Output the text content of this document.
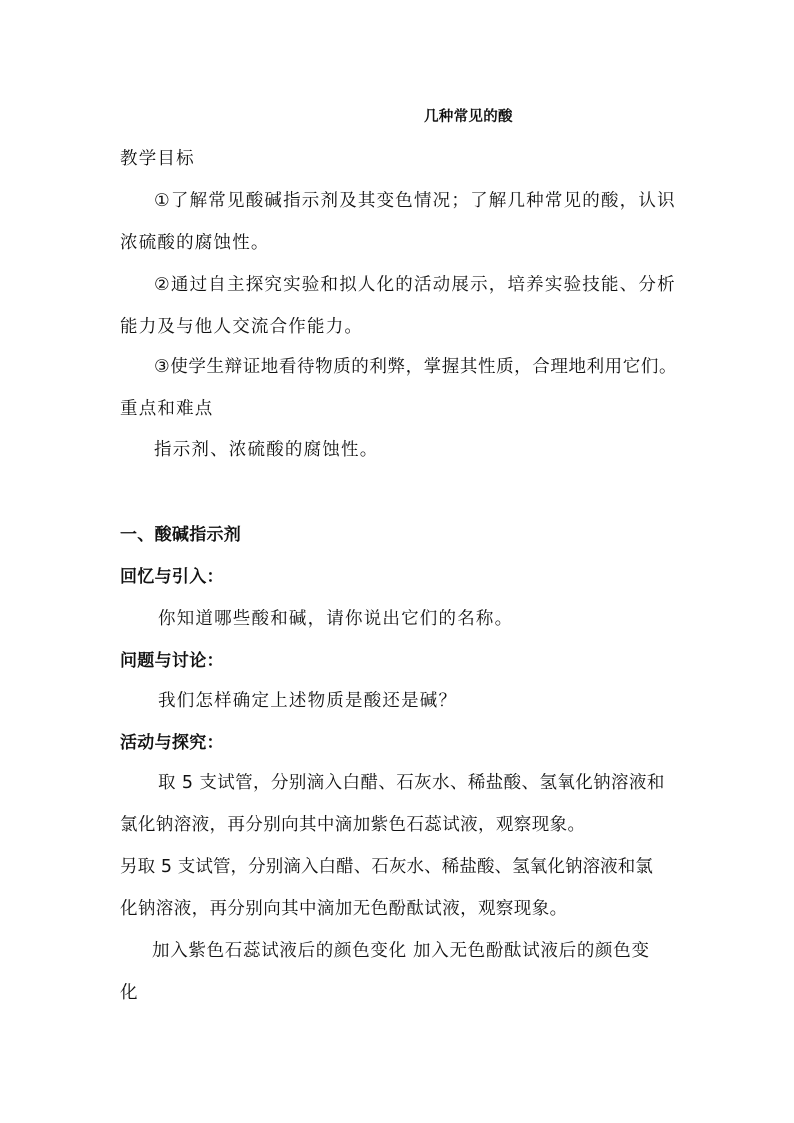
几种常见的酸
教学目标
①了解常见酸碱指示剂及其变色情况；了解几种常见的酸，认识
浓硫酸的腐蚀性。
②通过自主探究实验和拟人化的活动展示，培养实验技能、分析
能力及与他人交流合作能力。
③使学生辩证地看待物质的利弊，掌握其性质，合理地利用它们。
重点和难点
指示剂、浓硫酸的腐蚀性。
一、酸碱指示剂
回忆与引入：
你知道哪些酸和碱，请你说出它们的名称。
问题与讨论：
我们怎样确定上述物质是酸还是碱？
活动与探究：
取 5 支试管，分别滴入白醋、石灰水、稀盐酸、氢氧化钠溶液和
氯化钠溶液，再分别向其中滴加紫色石蕊试液，观察现象。
另取 5 支试管，分别滴入白醋、石灰水、稀盐酸、氢氧化钠溶液和氯
化钠溶液，再分别向其中滴加无色酚酞试液，观察现象。
加入紫色石蕊试液后的颜色变化 加入无色酚酞试液后的颜色变
化
